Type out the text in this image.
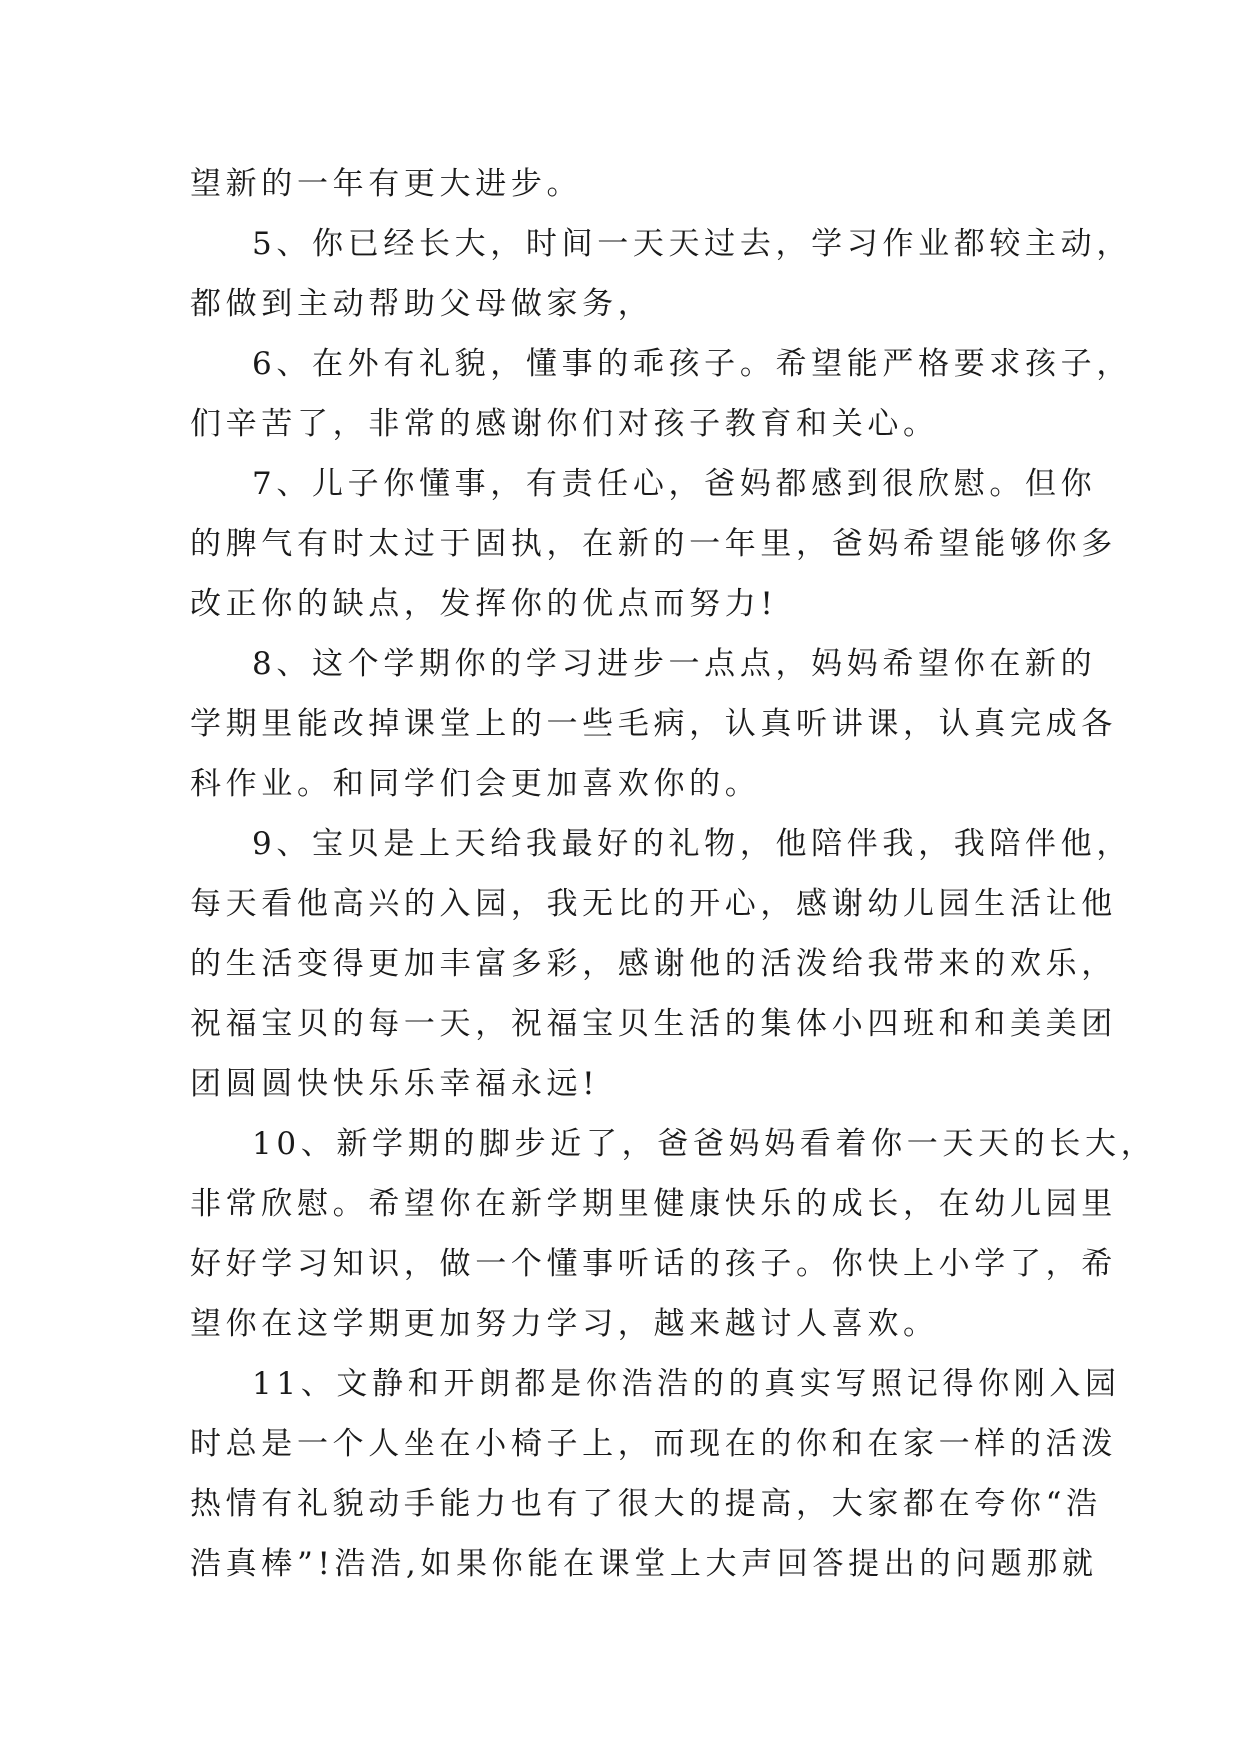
望新的一年有更大进步。
5、你已经长大，时间一天天过去，学习作业都较主动，
都做到主动帮助父母做家务，
6、在外有礼貌，懂事的乖孩子。希望能严格要求孩子，
们辛苦了，非常的感谢你们对孩子教育和关心。
7、儿子你懂事，有责任心，爸妈都感到很欣慰。但你
的脾气有时太过于固执，在新的一年里，爸妈希望能够你多
改正你的缺点，发挥你的优点而努力!
8、这个学期你的学习进步一点点，妈妈希望你在新的
学期里能改掉课堂上的一些毛病，认真听讲课，认真完成各
科作业。和同学们会更加喜欢你的。
9、宝贝是上天给我最好的礼物，他陪伴我，我陪伴他，
每天看他高兴的入园，我无比的开心，感谢幼儿园生活让他
的生活变得更加丰富多彩，感谢他的活泼给我带来的欢乐，
祝福宝贝的每一天，祝福宝贝生活的集体小四班和和美美团
团圆圆快快乐乐幸福永远!
10、新学期的脚步近了，爸爸妈妈看着你一天天的长大，
非常欣慰。希望你在新学期里健康快乐的成长，在幼儿园里
好好学习知识，做一个懂事听话的孩子。你快上小学了，希
望你在这学期更加努力学习，越来越讨人喜欢。
11、文静和开朗都是你浩浩的的真实写照记得你刚入园
时总是一个人坐在小椅子上，而现在的你和在家一样的活泼
热情有礼貌动手能力也有了很大的提高，大家都在夸你“浩
浩真棒”!浩浩,如果你能在课堂上大声回答提出的问题那就
